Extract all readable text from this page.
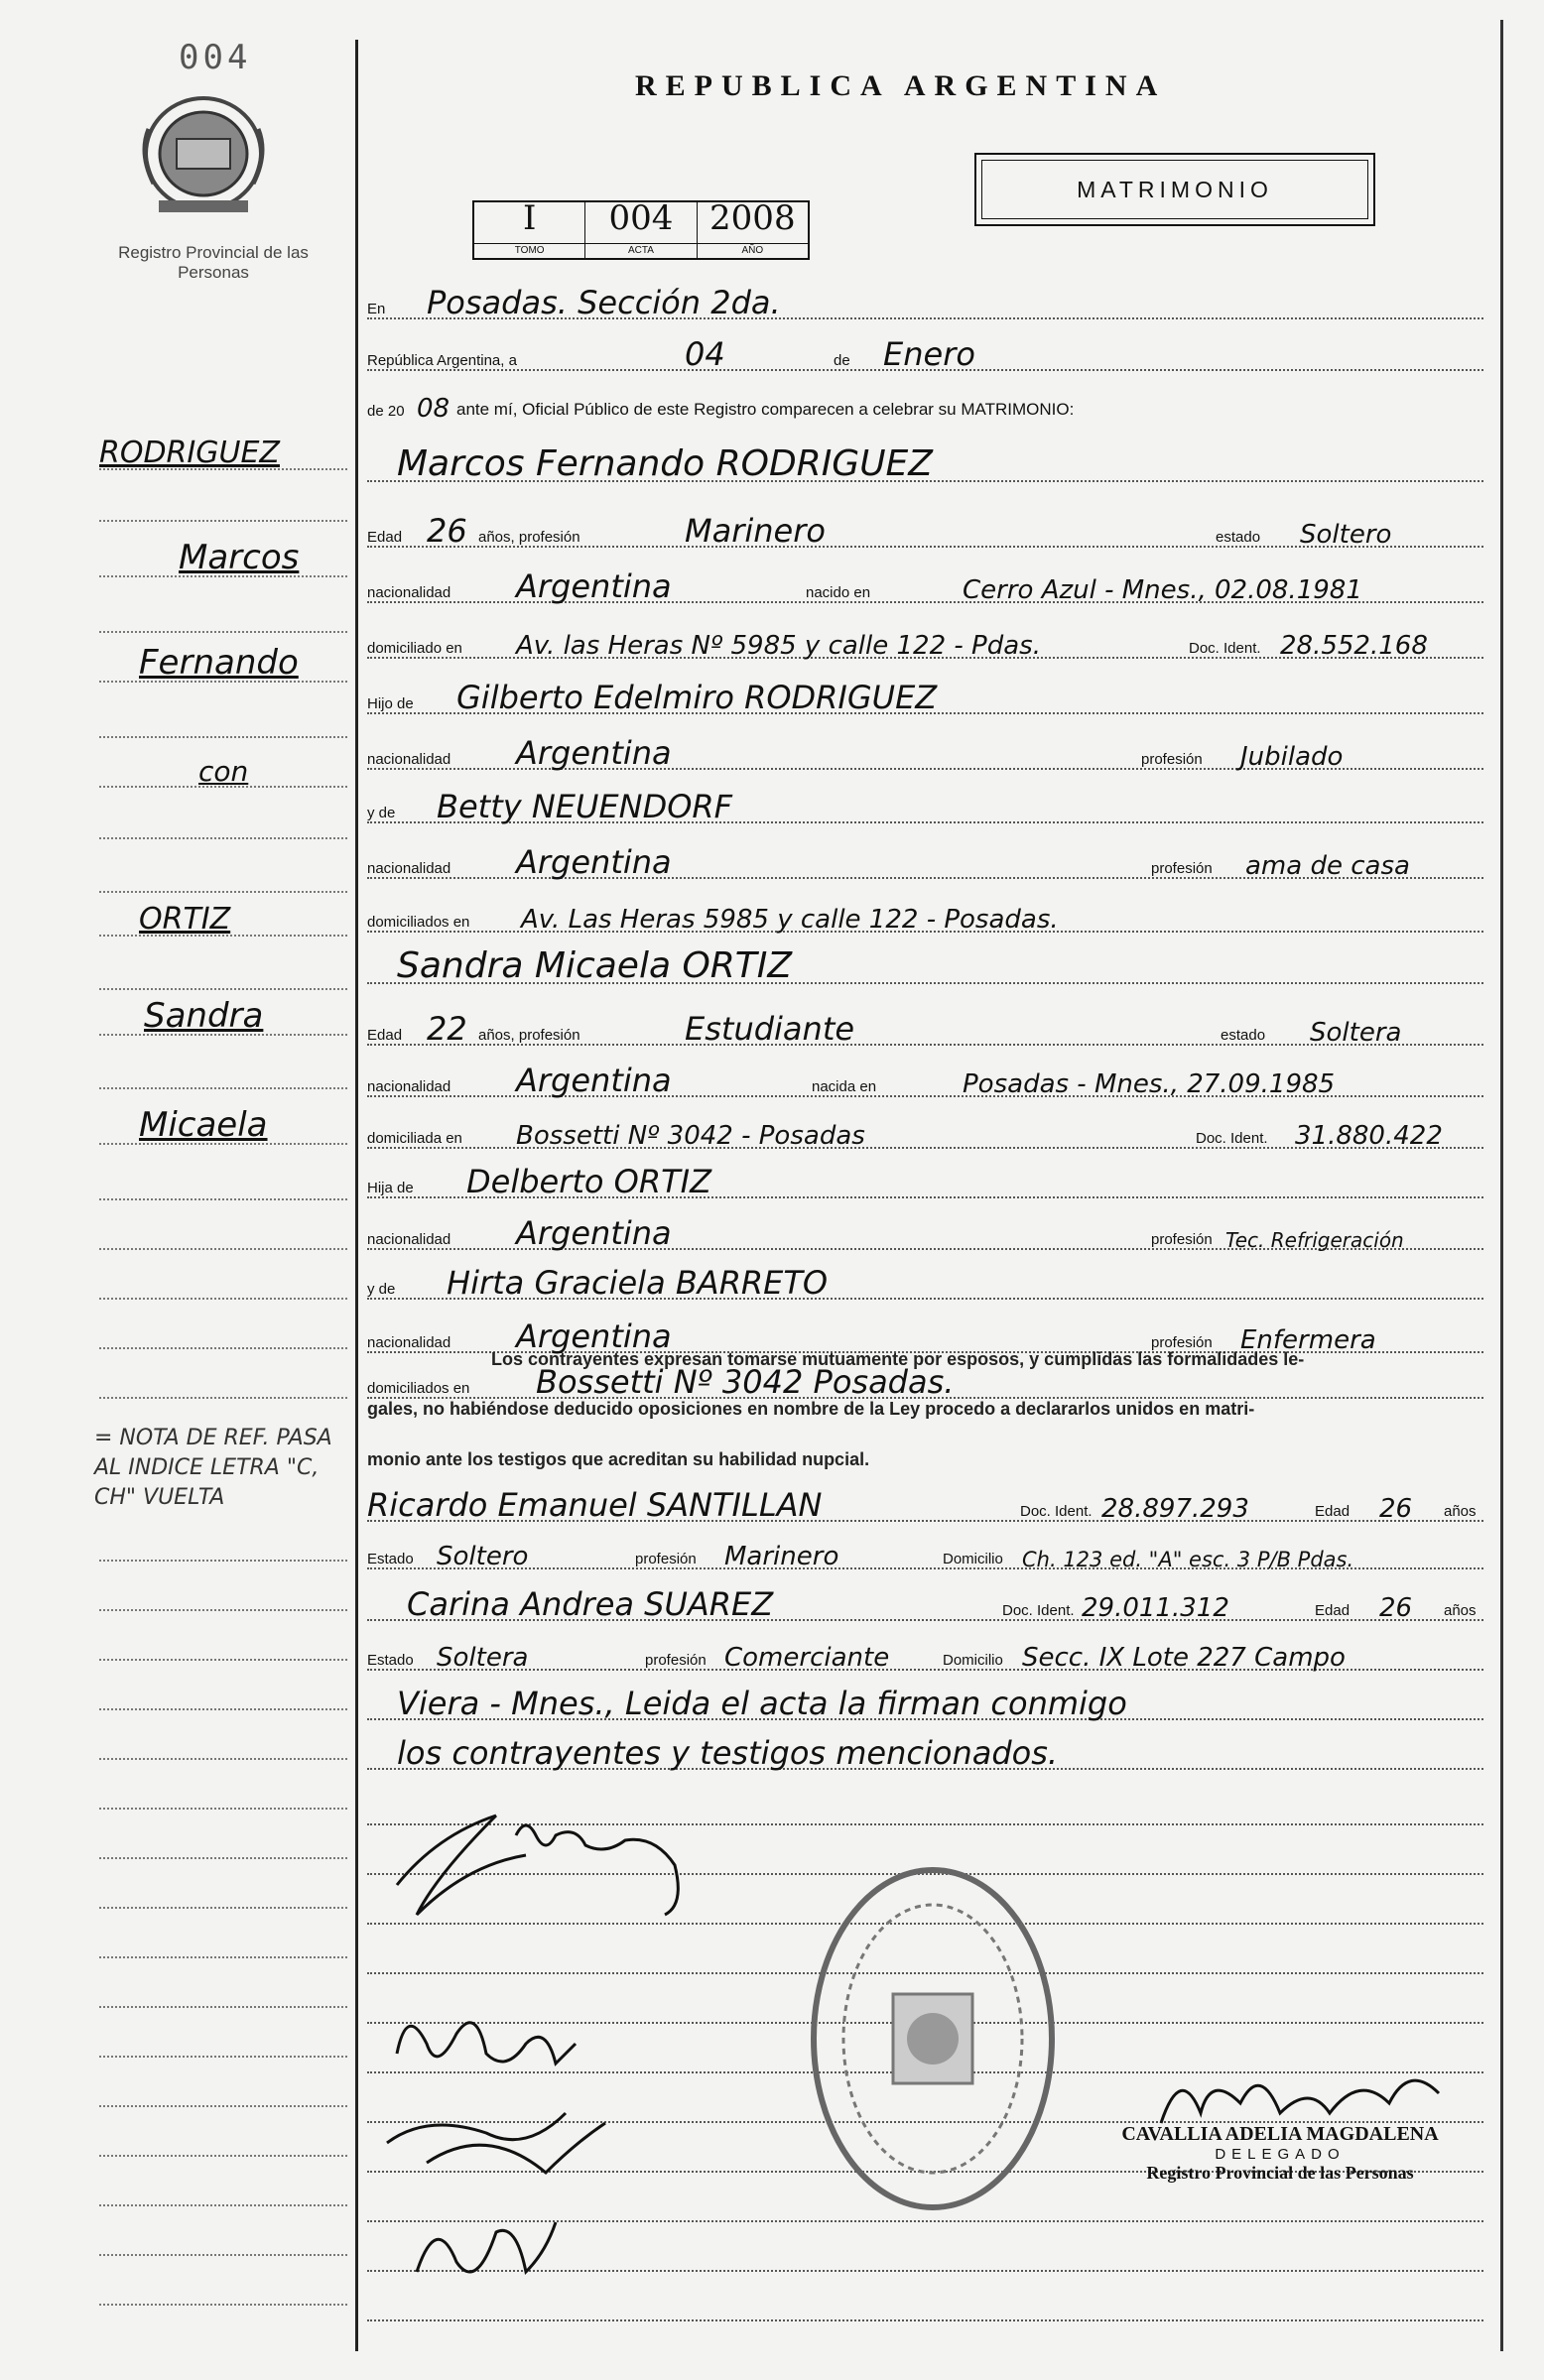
004
Registro Provincial de las Personas
REPUBLICA ARGENTINA
MATRIMONIO
I
TOMO
004
ACTA
2008
AÑO
En Posadas. Sección 2da.
República Argentina, a	04	de Enero
de 20 08 ante mí, Oficial Público de este Registro comparecen a celebrar su MATRIMONIO:
Marcos Fernando RODRIGUEZ
Edad 26 años, profesión	Marinero	estado Soltero
nacionalidad Argentina	nacido en	Cerro Azul - Mnes., 02.08.1981
domiciliado en Av. las Heras Nº 5985 y calle 122 - Pdas.	Doc. Ident. 28.552.168
Hijo de Gilberto Edelmiro RODRIGUEZ
nacionalidad Argentina	profesión Jubilado
y de Betty NEUENDORF
nacionalidad Argentina	profesión ama de casa
domiciliados en Av. Las Heras 5985 y calle 122 - Posadas.
Sandra Micaela ORTIZ
Edad 22 años, profesión	Estudiante	estado Soltera
nacionalidad Argentina	nacida en	Posadas - Mnes., 27.09.1985
domiciliada en Bossetti Nº 3042 - Posadas	Doc. Ident. 31.880.422
Hija de Delberto ORTIZ
nacionalidad Argentina	profesión Tec. Refrigeración
y de Hirta Graciela BARRETO
nacionalidad Argentina	profesión Enfermera
domiciliados en Bossetti Nº 3042 Posadas.
Los contrayentes expresan tomarse mutuamente por esposos, y cumplidas las formalidades le-
gales, no habiéndose deducido oposiciones en nombre de la Ley procedo a declararlos unidos en matri-
monio ante los testigos que acreditan su habilidad nupcial.
Ricardo Emanuel SANTILLAN	Doc. Ident. 28.897.293	Edad 26 años
Estado Soltero	profesión Marinero	Domicilio Ch. 123 ed. "A" esc. 3 P/B Pdas.
Carina Andrea SUAREZ	Doc. Ident. 29.011.312	Edad 26 años
Estado Soltera	profesión Comerciante	Domicilio Secc. IX Lote 227 Campo
Viera - Mnes., Leida el acta la firman conmigo
los contrayentes y testigos mencionados.
RODRIGUEZ
Marcos
Fernando
con
ORTIZ
Sandra
Micaela
= NOTA DE REF. PASA AL INDICE LETRA "C, CH" VUELTA
CAVALLIA ADELIA MAGDALENA
DELEGADO
Registro Provincial de las Personas
